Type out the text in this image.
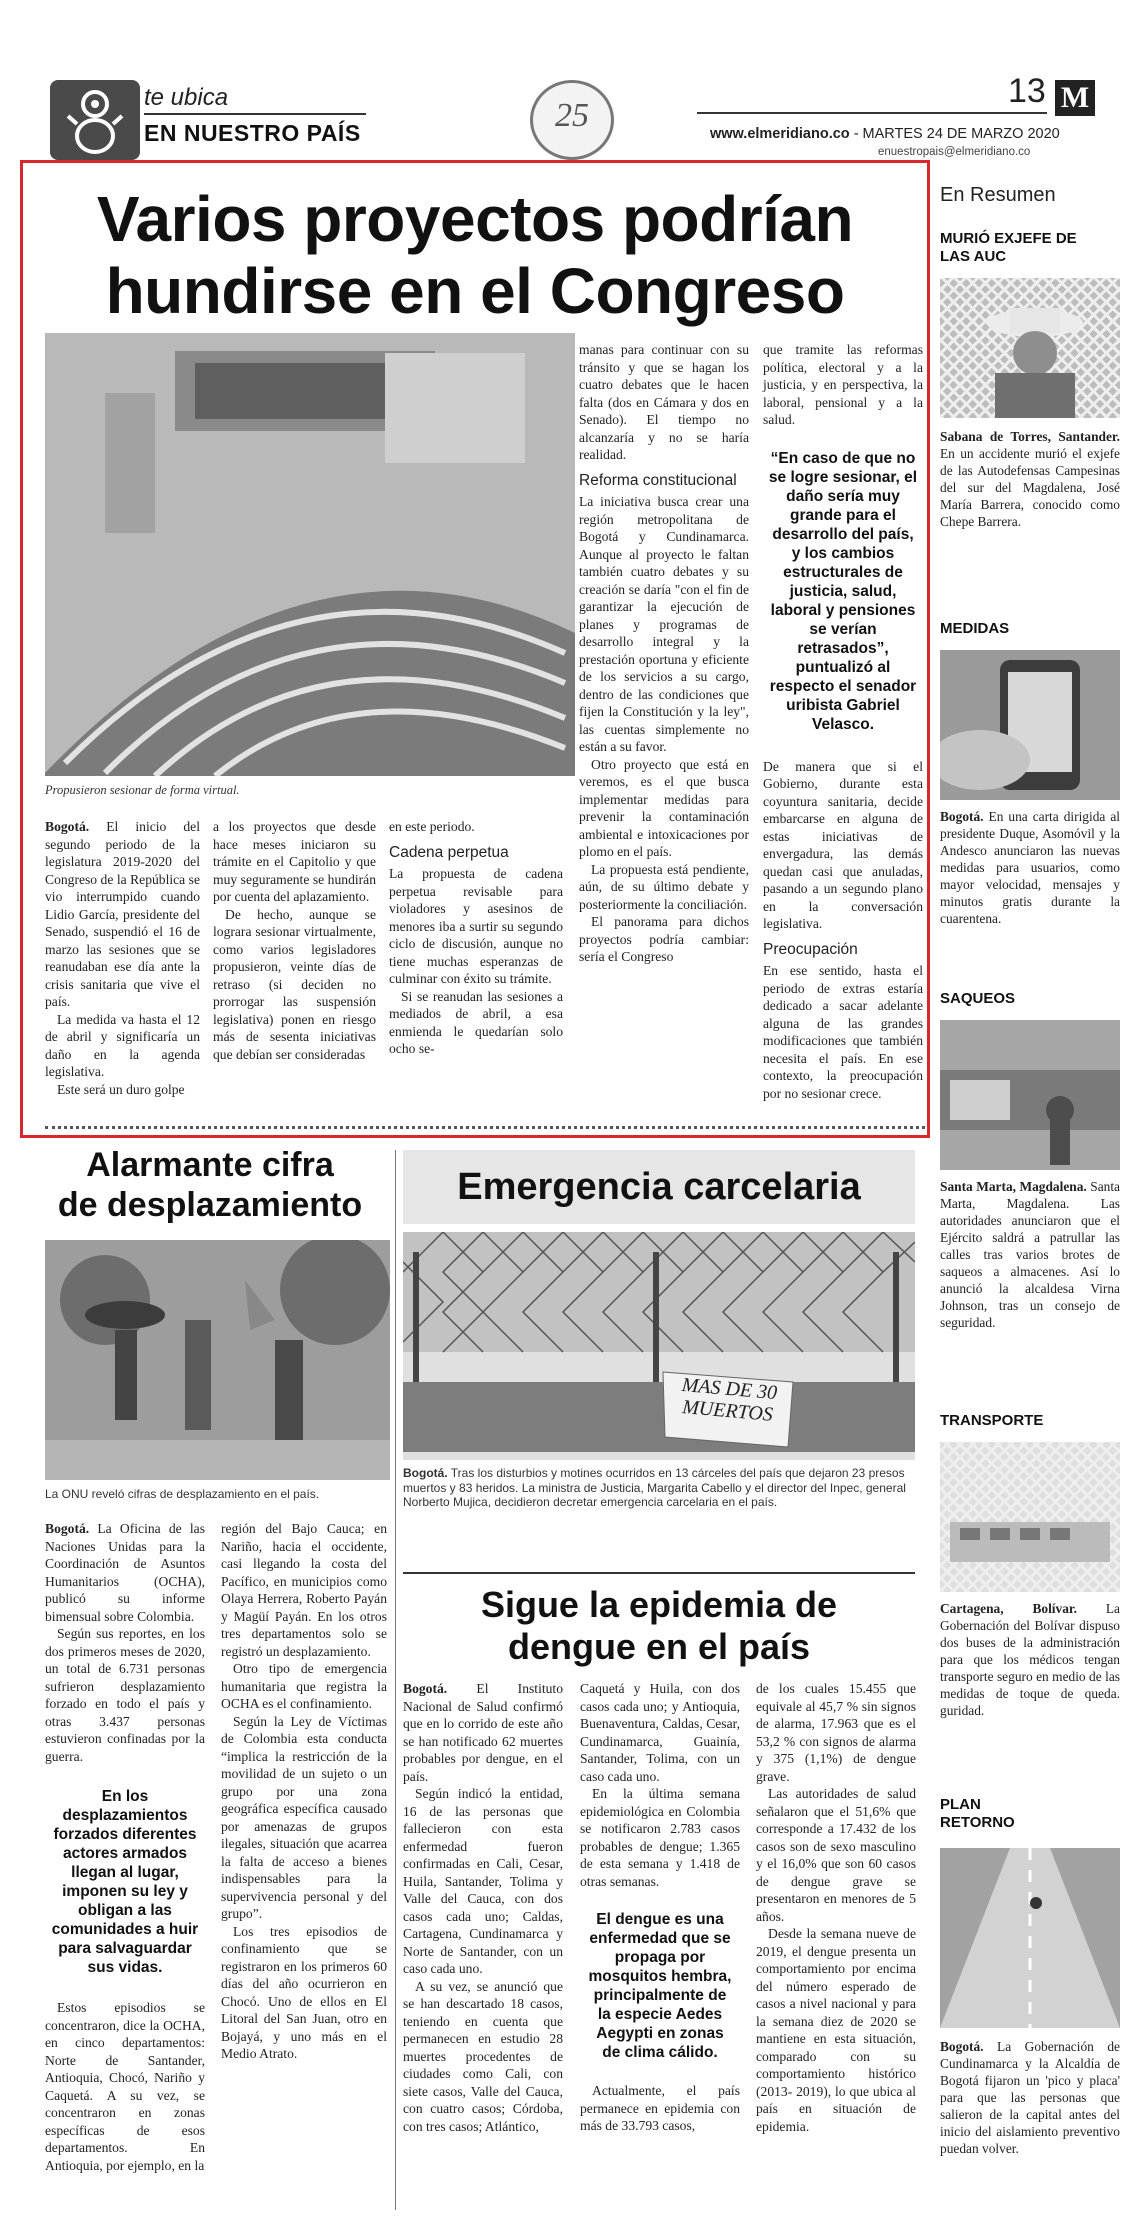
te ubica
EN NUESTRO PAÍS	25
13 M
www.elmeridiano.co - MARTES 24 DE MARZO 2020
enuestropais@elmeridiano.co
Varios proyectos podrían
hundirse en el Congreso
Propusieron sesionar de forma virtual.

Bogotá. El inicio del segundo periodo de la legislatura 2019-2020 del Congreso de la República se vio interrumpido cuando Lidio García, presidente del Senado, suspendió el 16 de marzo las sesiones que se reanudaban ese día ante la crisis sanitaria que vive el país.

La medida va hasta el 12 de abril y significaría un daño en la agenda legislativa.

Este será un duro golpe

a los proyectos que desde hace meses iniciaron su trámite en el Capitolio y que muy seguramente se hundirán por cuenta del aplazamiento.

De hecho, aunque se lograra sesionar virtualmente, como varios legisladores propusieron, veinte días de retraso (si deciden no prorrogar las suspensión legislativa) ponen en riesgo más de sesenta iniciativas que debían ser consideradas

en este periodo.

Cadena perpetua

La propuesta de cadena perpetua revisable para violadores y asesinos de menores iba a surtir su segundo ciclo de discusión, aunque no tiene muchas esperanzas de culminar con éxito su trámite.

Si se reanudan las sesiones a mediados de abril, a esa enmienda le quedarían solo ocho se-

manas para continuar con su tránsito y que se hagan los cuatro debates que le hacen falta (dos en Cámara y dos en Senado). El tiempo no alcanzaría y no se haría realidad.

Reforma constitucional

La iniciativa busca crear una región metropolitana de Bogotá y Cundinamarca. Aunque al proyecto le faltan también cuatro debates y su creación se daría "con el fin de garantizar la ejecución de planes y programas de desarrollo integral y la prestación oportuna y eficiente de los servicios a su cargo, dentro de las condiciones que fijen la Constitución y la ley", las cuentas simplemente no están a su favor.

Otro proyecto que está en veremos, es el que busca implementar medidas para prevenir la contaminación ambiental e intoxicaciones por plomo en el país.

La propuesta está pendiente, aún, de su último debate y posteriormente la conciliación.

El panorama para dichos proyectos podría cambiar: sería el Congreso

que tramite las reformas política, electoral y a la justicia, y en perspectiva, la laboral, pensional y a la salud.

“En caso de que no se logre sesionar, el daño sería muy grande para el desarrollo del país, y los cambios estructurales de justicia, salud, laboral y pensiones se verían retrasados”, puntualizó al respecto el senador uribista Gabriel Velasco.

De manera que si el Gobierno, durante esta coyuntura sanitaria, decide embarcarse en alguna de estas iniciativas de envergadura, las demás quedan casi que anuladas, pasando a un segundo plano en la conversación legislativa.

Preocupación

En ese sentido, hasta el periodo de extras estaría dedicado a sacar adelante alguna de las grandes modificaciones que también necesita el país. En ese contexto, la preocupación por no sesionar crece.

En Resumen
MURIÓ EXJEFE DE LAS AUC
Sabana de Torres, Santander. En un accidente murió el exjefe de las Autodefensas Campesinas del sur del Magdalena, José María Barrera, conocido como Chepe Barrera.
MEDIDAS
Bogotá. En una carta dirigida al presidente Duque, Asomóvil y la Andesco anunciaron las nuevas medidas para usuarios, como mayor velocidad, mensajes y minutos gratis durante la cuarentena.
SAQUEOS
Santa Marta, Magdalena. Santa Marta, Magdalena. Las autoridades anunciaron que el Ejército saldrá a patrullar las calles tras varios brotes de saqueos a almacenes. Así lo anunció la alcaldesa Virna Johnson, tras un consejo de seguridad.
TRANSPORTE
Cartagena, Bolívar. La Gobernación del Bolívar dispuso dos buses de la administración para que los médicos tengan transporte seguro en medio de las medidas de toque de queda. guridad.
PLAN RETORNO
Bogotá. La Gobernación de Cundinamarca y la Alcaldía de Bogotá fijaron un 'pico y placa' para que las personas que salieron de la capital antes del inicio del aislamiento preventivo puedan volver.
Alarmante cifra
de desplazamiento
La ONU reveló cifras de desplazamiento en el país.

Bogotá. La Oficina de las Naciones Unidas para la Coordinación de Asuntos Humanitarios (OCHA), publicó su informe bimensual sobre Colombia.

Según sus reportes, en los dos primeros meses de 2020, un total de 6.731 personas sufrieron desplazamiento forzado en todo el país y otras 3.437 personas estuvieron confinadas por la guerra.

En los desplazamientos forzados diferentes actores armados llegan al lugar, imponen su ley y obligan a las comunidades a huir para salvaguardar sus vidas.

Estos episodios se concentraron, dice la OCHA, en cinco departamentos: Norte de Santander, Antioquia, Chocó, Nariño y Caquetá. A su vez, se concentraron en zonas específicas de esos departamentos. En Antioquia, por ejemplo, en la

región del Bajo Cauca; en Nariño, hacia el occidente, casi llegando la costa del Pacífico, en municipios como Olaya Herrera, Roberto Payán y Magüí Payán. En los otros tres departamentos solo se registró un desplazamiento.

Otro tipo de emergencia humanitaria que registra la OCHA es el confinamiento.

Según la Ley de Víctimas de Colombia esta conducta “implica la restricción de la movilidad de un sujeto o un grupo por una zona geográfica específica causado por amenazas de grupos ilegales, situación que acarrea la falta de acceso a bienes indispensables para la supervivencia personal y del grupo”.

Los tres episodios de confinamiento que se registraron en los primeros 60 días del año ocurrieron en Chocó. Uno de ellos en El Litoral del San Juan, otro en Bojayá, y uno más en el Medio Atrato.

Emergencia carcelaria
MAS DE 30 MUERTOS
Bogotá. Tras los disturbios y motines ocurridos en 13 cárceles del país que dejaron 23 presos muertos y 83 heridos. La ministra de Justicia, Margarita Cabello y el director del Inpec, general Norberto Mujica, decidieron decretar emergencia carcelaria en el país.
Sigue la epidemia de
dengue en el país

Bogotá. El Instituto Nacional de Salud confirmó que en lo corrido de este año se han notificado 62 muertes probables por dengue, en el país.

Según indicó la entidad, 16 de las personas que fallecieron con esta enfermedad fueron confirmadas en Cali, Cesar, Huila, Santander, Tolima y Valle del Cauca, con dos casos cada uno; Caldas, Cartagena, Cundinamarca y Norte de Santander, con un caso cada uno.

A su vez, se anunció que se han descartado 18 casos, teniendo en cuenta que permanecen en estudio 28 muertes procedentes de ciudades como Cali, con siete casos, Valle del Cauca, con cuatro casos; Córdoba, con tres casos; Atlántico,

Caquetá y Huila, con dos casos cada uno; y Antioquia, Buenaventura, Caldas, Cesar, Cundinamarca, Guainía, Santander, Tolima, con un caso cada uno.

En la última semana epidemiológica en Colombia se notificaron 2.783 casos probables de dengue; 1.365 de esta semana y 1.418 de otras semanas.

El dengue es una enfermedad que se propaga por mosquitos hembra, principalmente de la especie Aedes Aegypti en zonas de clima cálido.

Actualmente, el país permanece en epidemia con más de 33.793 casos,

de los cuales 15.455 que equivale al 45,7 % sin signos de alarma, 17.963 que es el 53,2 % con signos de alarma y 375 (1,1%) de dengue grave.

Las autoridades de salud señalaron que el 51,6% que corresponde a 17.432 de los casos son de sexo masculino y el 16,0% que son 60 casos de dengue grave se presentaron en menores de 5 años.

Desde la semana nueve de 2019, el dengue presenta un comportamiento por encima del número esperado de casos a nivel nacional y para la semana diez de 2020 se mantiene en esta situación, comparado con su comportamiento histórico (2013- 2019), lo que ubica al país en situación de epidemia.
